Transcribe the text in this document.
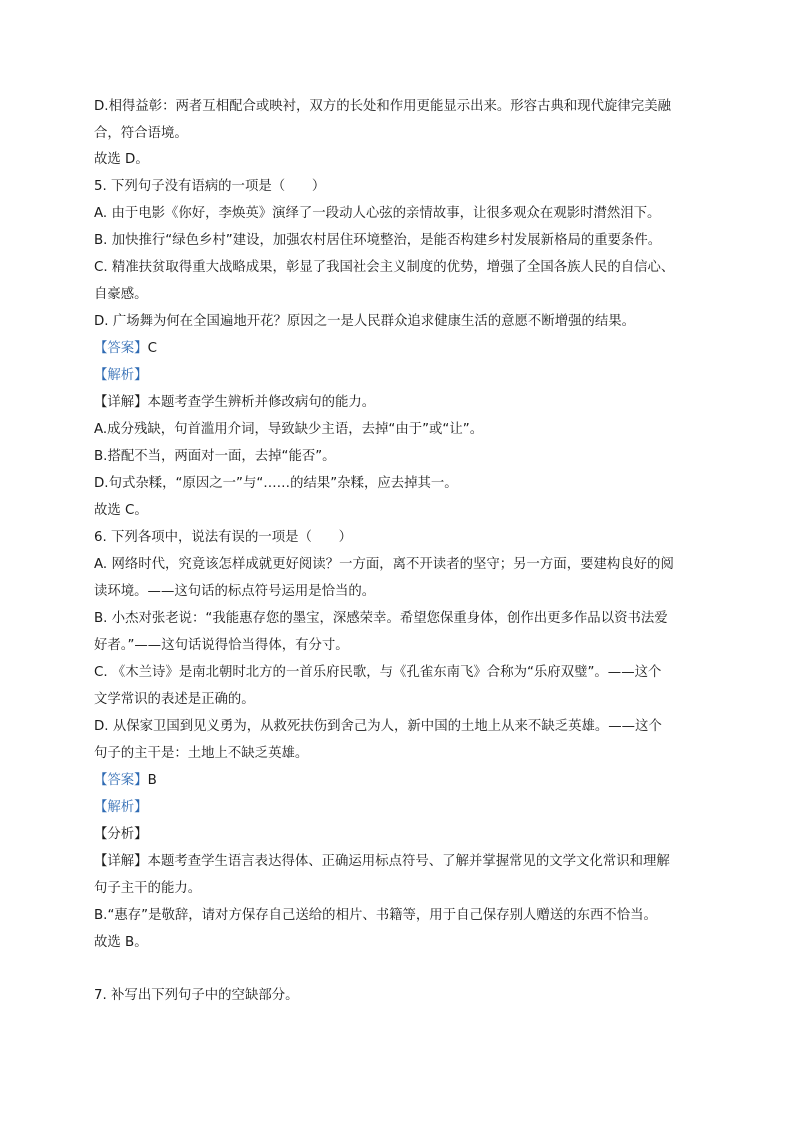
D.相得益彰：两者互相配合或映衬，双方的长处和作用更能显示出来。形容古典和现代旋律完美融

合，符合语境。

故选 D。

5. 下列句子没有语病的一项是（　　）

A. 由于电影《你好，李焕英》演绎了一段动人心弦的亲情故事，让很多观众在观影时潸然泪下。

B. 加快推行“绿色乡村”建设，加强农村居住环境整治，是能否构建乡村发展新格局的重要条件。

C. 精准扶贫取得重大战略成果，彰显了我国社会主义制度的优势，增强了全国各族人民的自信心、

自豪感。

D. 广场舞为何在全国遍地开花？原因之一是人民群众追求健康生活的意愿不断增强的结果。

【答案】C

【解析】

【详解】本题考查学生辨析并修改病句的能力。

A.成分残缺，句首滥用介词，导致缺少主语，去掉“由于”或“让”。

B.搭配不当，两面对一面，去掉“能否”。

D.句式杂糅，“原因之一”与“……的结果”杂糅，应去掉其一。

故选 C。

6. 下列各项中，说法有误的一项是（　　）

A. 网络时代，究竟该怎样成就更好阅读？一方面，离不开读者的坚守；另一方面，要建构良好的阅

读环境。——这句话的标点符号运用是恰当的。

B. 小杰对张老说：“我能惠存您的墨宝，深感荣幸。希望您保重身体，创作出更多作品以资书法爱

好者。”——这句话说得恰当得体，有分寸。

C. 《木兰诗》是南北朝时北方的一首乐府民歌，与《孔雀东南飞》合称为“乐府双璧”。——这个

文学常识的表述是正确的。

D. 从保家卫国到见义勇为，从救死扶伤到舍己为人，新中国的土地上从来不缺乏英雄。——这个

句子的主干是：土地上不缺乏英雄。

【答案】B

【解析】

【分析】

【详解】本题考查学生语言表达得体、正确运用标点符号、了解并掌握常见的文学文化常识和理解

句子主干的能力。

B.“惠存”是敬辞，请对方保存自己送给的相片、书籍等，用于自己保存别人赠送的东西不恰当。

故选 B。

7. 补写出下列句子中的空缺部分。
